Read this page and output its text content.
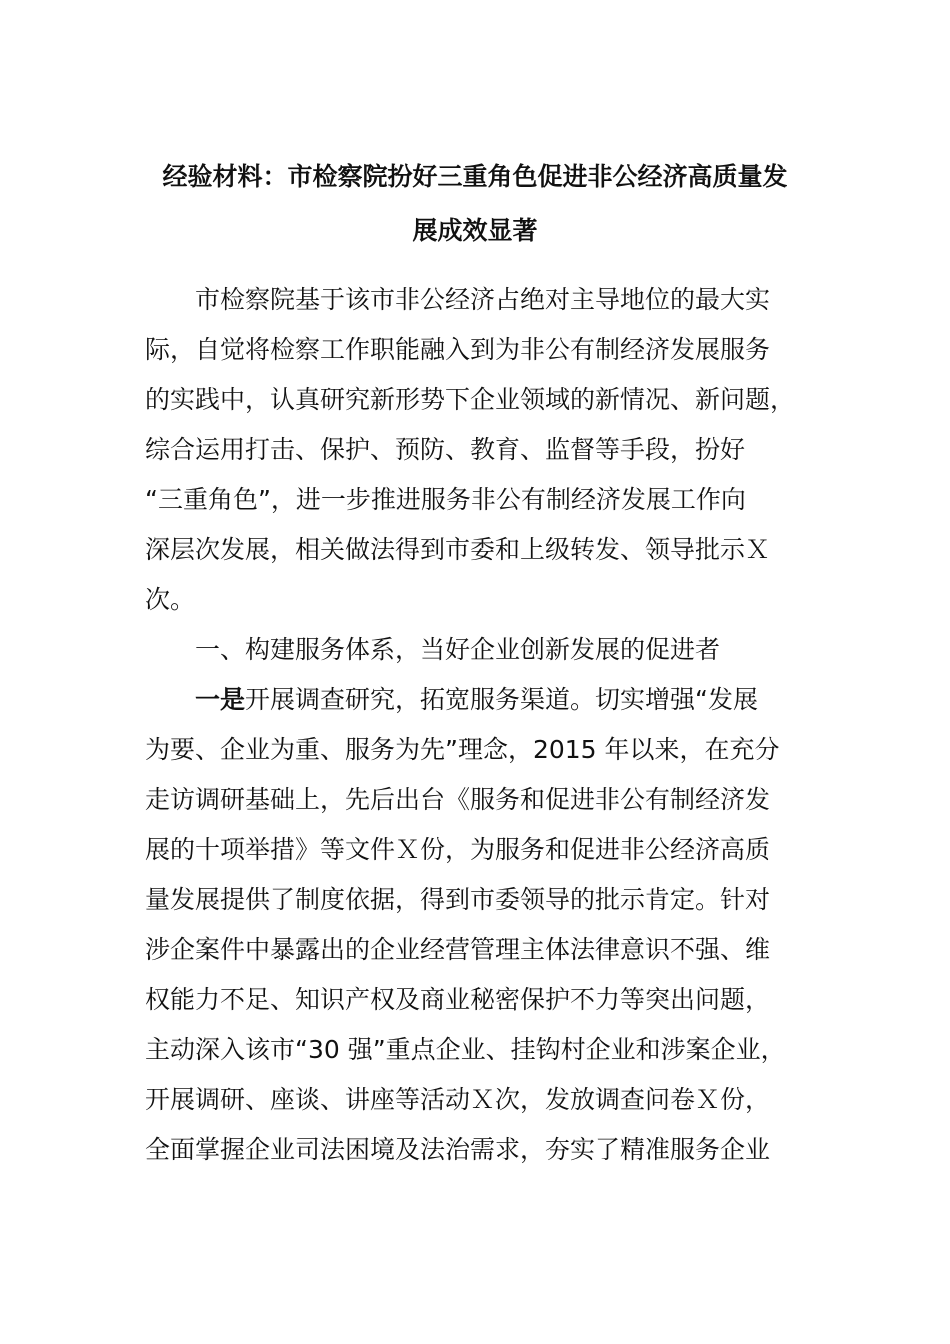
经验材料：市检察院扮好三重角色促进非公经济高质量发
展成效显著

市检察院基于该市非公经济占绝对主导地位的最大实

际，自觉将检察工作职能融入到为非公有制经济发展服务

的实践中，认真研究新形势下企业领域的新情况、新问题，

综合运用打击、保护、预防、教育、监督等手段，扮好

“三重角色”，进一步推进服务非公有制经济发展工作向

深层次发展，相关做法得到市委和上级转发、领导批示Ｘ

次。

一、构建服务体系，当好企业创新发展的促进者

一是开展调查研究，拓宽服务渠道。切实增强“发展

为要、企业为重、服务为先”理念，2015 年以来，在充分

走访调研基础上，先后出台《服务和促进非公有制经济发

展的十项举措》等文件Ｘ份，为服务和促进非公经济高质

量发展提供了制度依据，得到市委领导的批示肯定。针对

涉企案件中暴露出的企业经营管理主体法律意识不强、维

权能力不足、知识产权及商业秘密保护不力等突出问题，

主动深入该市“30 强”重点企业、挂钩村企业和涉案企业，

开展调研、座谈、讲座等活动Ｘ次，发放调查问卷Ｘ份，

全面掌握企业司法困境及法治需求，夯实了精准服务企业
